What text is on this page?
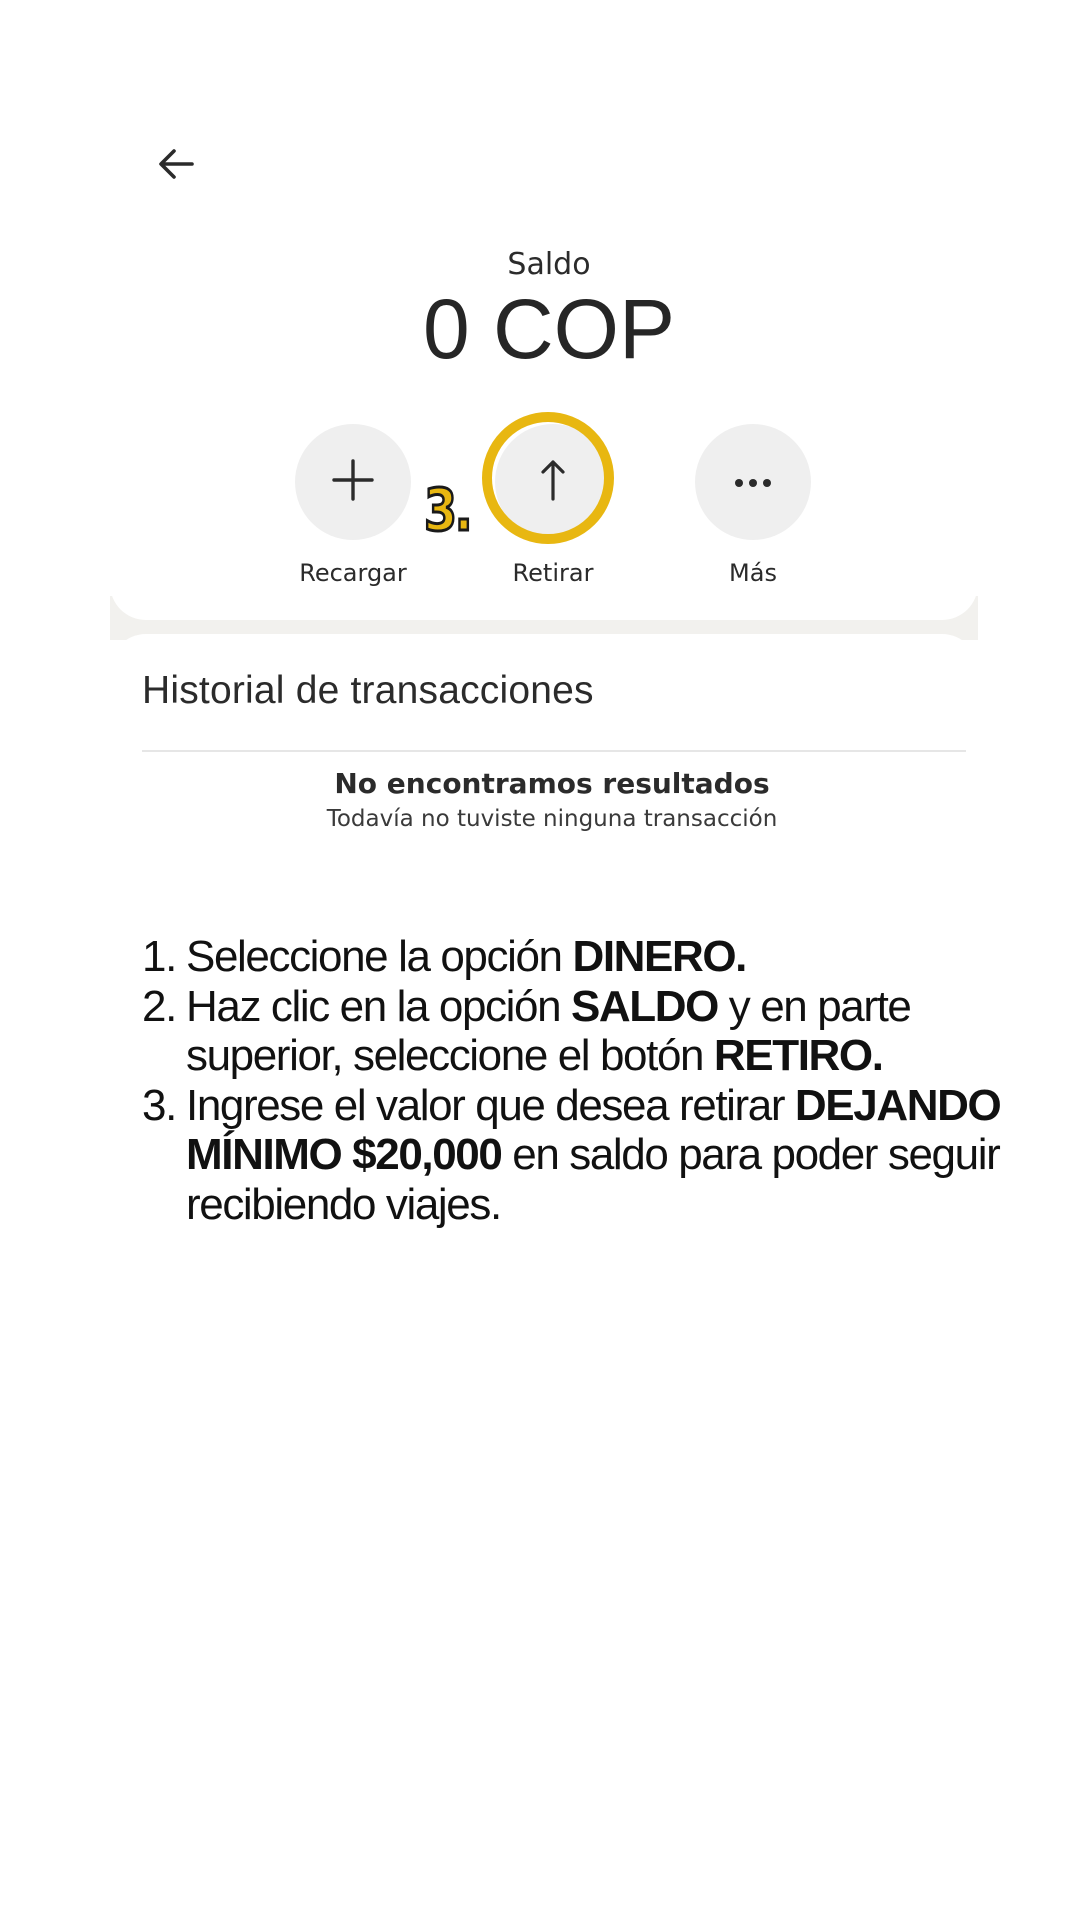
Saldo
0 COP
Recargar	Retirar	Más
3.
Historial de transacciones
No encontramos resultados
Todavía no tuviste ninguna transacción
1. Seleccione la opción DINERO.
2. Haz clic en la opción SALDO y en parte superior, seleccione el botón RETIRO.
3. Ingrese el valor que desea retirar DEJANDO MÍNIMO $20,000 en saldo para poder seguir recibiendo viajes.
